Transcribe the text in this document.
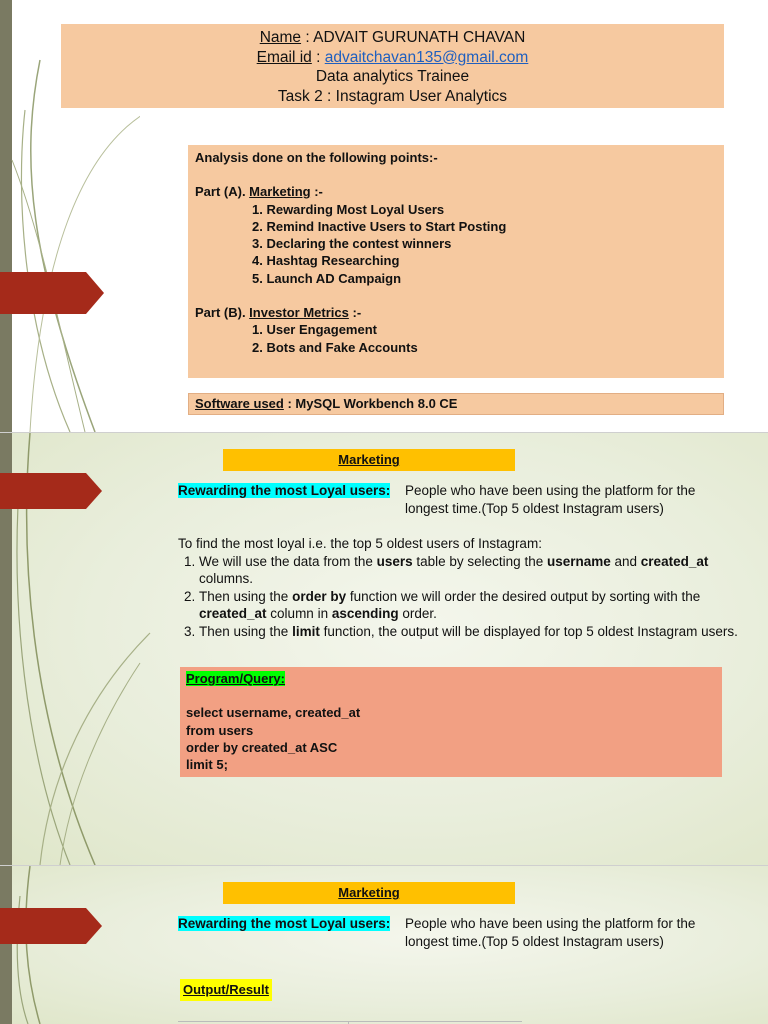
Name : ADVAIT GURUNATH CHAVAN
Email id : advaitchavan135@gmail.com
Data analytics Trainee
Task 2 : Instagram User Analytics
Analysis done on the following points:-
Part (A). Marketing :-
1. Rewarding Most Loyal Users
2. Remind Inactive Users to Start Posting
3. Declaring the contest winners
4. Hashtag Researching
5. Launch AD Campaign
Part (B). Investor Metrics :-
1. User Engagement
2. Bots and Fake Accounts
Software used : MySQL Workbench 8.0 CE
Marketing
Rewarding the most Loyal users: People who have been using the platform for the longest time.(Top 5 oldest Instagram users)
To find the most loyal i.e. the top 5 oldest users of Instagram:
1. We will use the data from the users table by selecting the username and created_at columns.
2. Then using the order by function we will order the desired output by sorting with the created_at column in ascending order.
3. Then using the limit function, the output will be displayed for top 5 oldest Instagram users.
Program/Query:
select username, created_at
from users
order by created_at ASC
limit 5;
Marketing
Rewarding the most Loyal users: People who have been using the platform for the longest time.(Top 5 oldest Instagram users)
Output/Result
